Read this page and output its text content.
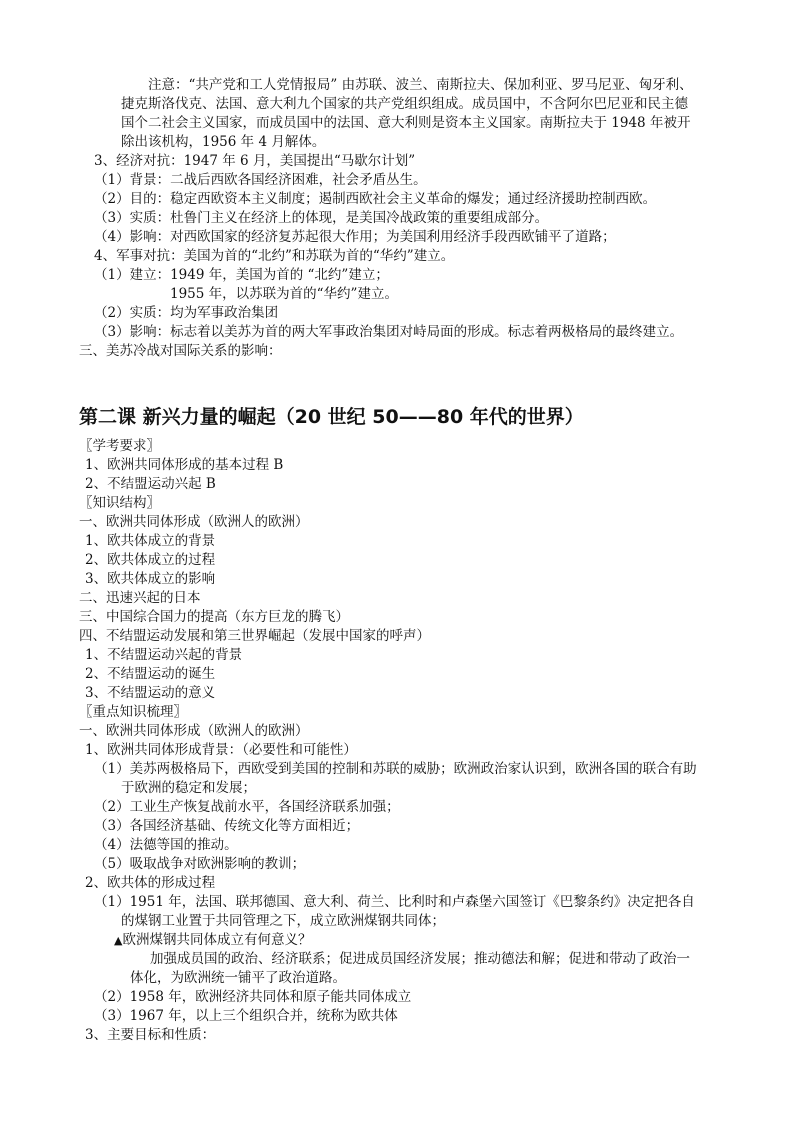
注意：“共产党和工人党情报局” 由苏联、波兰、南斯拉夫、保加利亚、罗马尼亚、匈牙利、
捷克斯洛伐克、法国、意大利九个国家的共产党组织组成。成员国中，不含阿尔巴尼亚和民主德
国个二社会主义国家，而成员国中的法国、意大利则是资本主义国家。南斯拉夫于 1948 年被开
除出该机构，1956 年 4 月解体。
3、经济对抗：1947 年 6 月，美国提出“马歇尔计划”
（1）背景：二战后西欧各国经济困难，社会矛盾丛生。
（2）目的：稳定西欧资本主义制度；遏制西欧社会主义革命的爆发；通过经济援助控制西欧。
（3）实质：杜鲁门主义在经济上的体现，是美国冷战政策的重要组成部分。
（4）影响：对西欧国家的经济复苏起很大作用；为美国利用经济手段西欧铺平了道路；
4、军事对抗：美国为首的“北约”和苏联为首的“华约”建立。
（1）建立：1949 年，美国为首的 “北约”建立；
1955 年，以苏联为首的“华约”建立。
（2）实质：均为军事政治集团
（3）影响：标志着以美苏为首的两大军事政治集团对峙局面的形成。标志着两极格局的最终建立。
三、美苏冷战对国际关系的影响：
第二课 新兴力量的崛起（20 世纪 50——80 年代的世界）
〖学考要求〗
1、欧洲共同体形成的基本过程 B
2、不结盟运动兴起 B
〖知识结构〗
一、欧洲共同体形成（欧洲人的欧洲）
1、欧共体成立的背景
2、欧共体成立的过程
3、欧共体成立的影响
二、迅速兴起的日本
三、中国综合国力的提高（东方巨龙的腾飞）
四、不结盟运动发展和第三世界崛起（发展中国家的呼声）
1、不结盟运动兴起的背景
2、不结盟运动的诞生
3、不结盟运动的意义
〖重点知识梳理〗
一、欧洲共同体形成（欧洲人的欧洲）
1、欧洲共同体形成背景：（必要性和可能性）
（1）美苏两极格局下，西欧受到美国的控制和苏联的威胁；欧洲政治家认识到，欧洲各国的联合有助
于欧洲的稳定和发展；
（2）工业生产恢复战前水平，各国经济联系加强；
（3）各国经济基础、传统文化等方面相近；
（4）法德等国的推动。
（5）吸取战争对欧洲影响的教训；
2、欧共体的形成过程
（1）1951 年，法国、联邦德国、意大利、荷兰、比利时和卢森堡六国签订《巴黎条约》决定把各自
的煤钢工业置于共同管理之下，成立欧洲煤钢共同体；
▲欧洲煤钢共同体成立有何意义？
加强成员国的政治、经济联系；促进成员国经济发展；推动德法和解；促进和带动了政治一
体化，为欧洲统一铺平了政治道路。
（2）1958 年，欧洲经济共同体和原子能共同体成立
（3）1967 年，以上三个组织合并，统称为欧共体
3、主要目标和性质：
